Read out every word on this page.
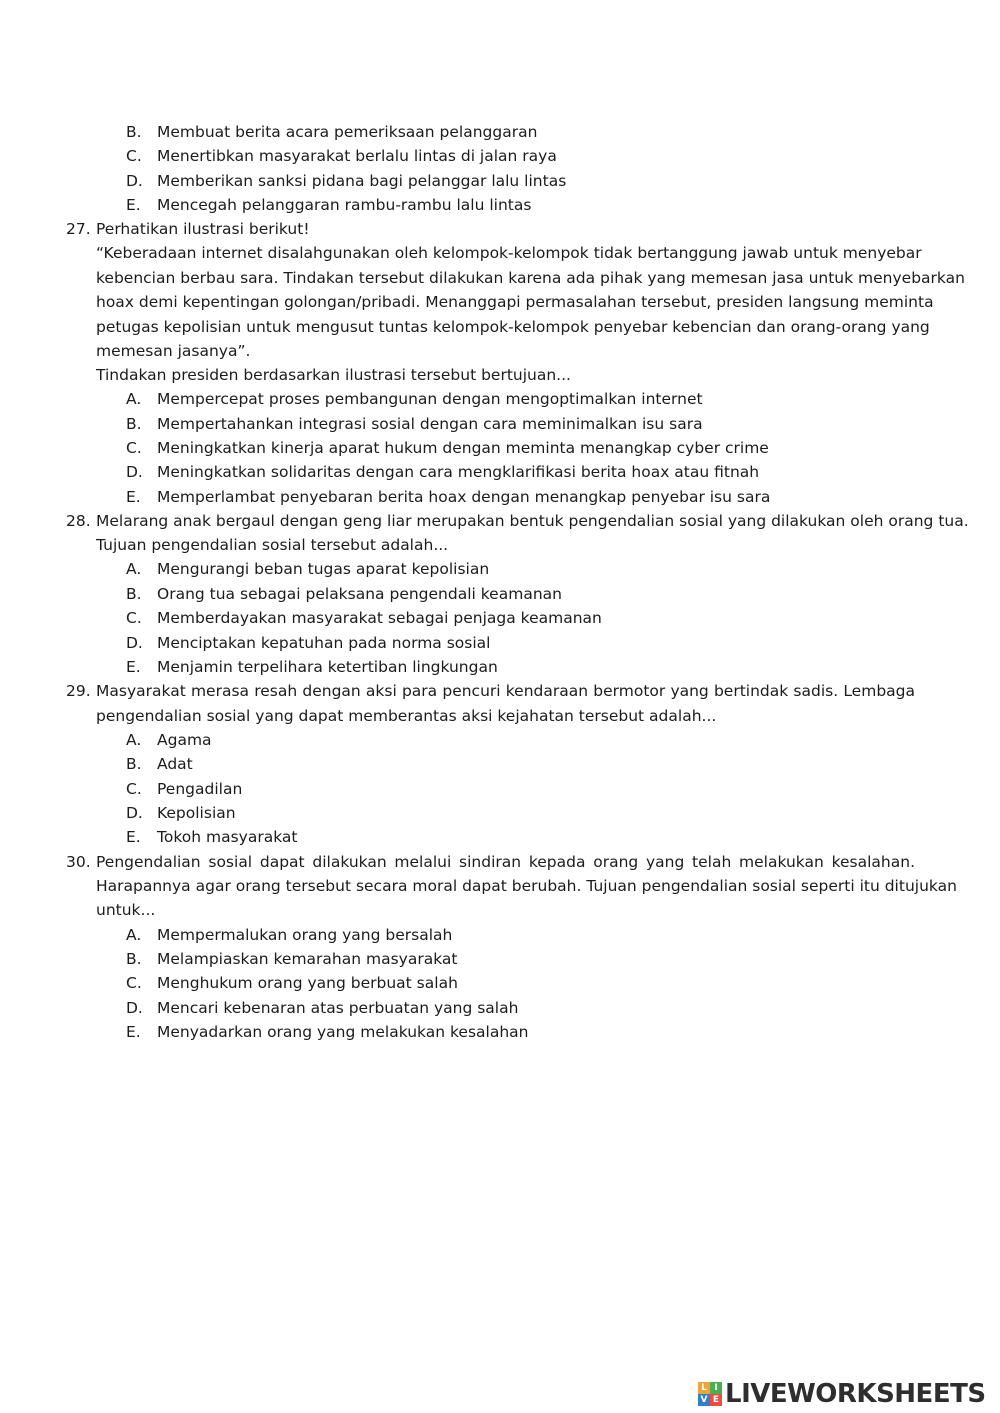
B. Membuat berita acara pemeriksaan pelanggaran
C. Menertibkan masyarakat berlalu lintas di jalan raya
D. Memberikan sanksi pidana bagi pelanggar lalu lintas
E. Mencegah pelanggaran rambu-rambu lalu lintas
27. Perhatikan ilustrasi berikut!
“Keberadaan internet disalahgunakan oleh kelompok-kelompok tidak bertanggung jawab untuk menyebar
kebencian berbau sara. Tindakan tersebut dilakukan karena ada pihak yang memesan jasa untuk menyebarkan
hoax demi kepentingan golongan/pribadi. Menanggapi permasalahan tersebut, presiden langsung meminta
petugas kepolisian untuk mengusut tuntas kelompok-kelompok penyebar kebencian dan orang-orang yang
memesan jasanya”.
Tindakan presiden berdasarkan ilustrasi tersebut bertujuan...
A. Mempercepat proses pembangunan dengan mengoptimalkan internet
B. Mempertahankan integrasi sosial dengan cara meminimalkan isu sara
C. Meningkatkan kinerja aparat hukum dengan meminta menangkap cyber crime
D. Meningkatkan solidaritas dengan cara mengklarifikasi berita hoax atau fitnah
E. Memperlambat penyebaran berita hoax dengan menangkap penyebar isu sara
28. Melarang anak bergaul dengan geng liar merupakan bentuk pengendalian sosial yang dilakukan oleh orang tua.
Tujuan pengendalian sosial tersebut adalah...
A. Mengurangi beban tugas aparat kepolisian
B. Orang tua sebagai pelaksana pengendali keamanan
C. Memberdayakan masyarakat sebagai penjaga keamanan
D. Menciptakan kepatuhan pada norma sosial
E. Menjamin terpelihara ketertiban lingkungan
29. Masyarakat merasa resah dengan aksi para pencuri kendaraan bermotor yang bertindak sadis. Lembaga
pengendalian sosial yang dapat memberantas aksi kejahatan tersebut adalah...
A. Agama
B. Adat
C. Pengadilan
D. Kepolisian
E. Tokoh masyarakat
30. Pengendalian sosial dapat dilakukan melalui sindiran kepada orang yang telah melakukan kesalahan.
Harapannya agar orang tersebut secara moral dapat berubah. Tujuan pengendalian sosial seperti itu ditujukan
untuk...
A. Mempermalukan orang yang bersalah
B. Melampiaskan kemarahan masyarakat
C. Menghukum orang yang berbuat salah
D. Mencari kebenaran atas perbuatan yang salah
E. Menyadarkan orang yang melakukan kesalahan
L I
V E LIVEWORKSHEETS
